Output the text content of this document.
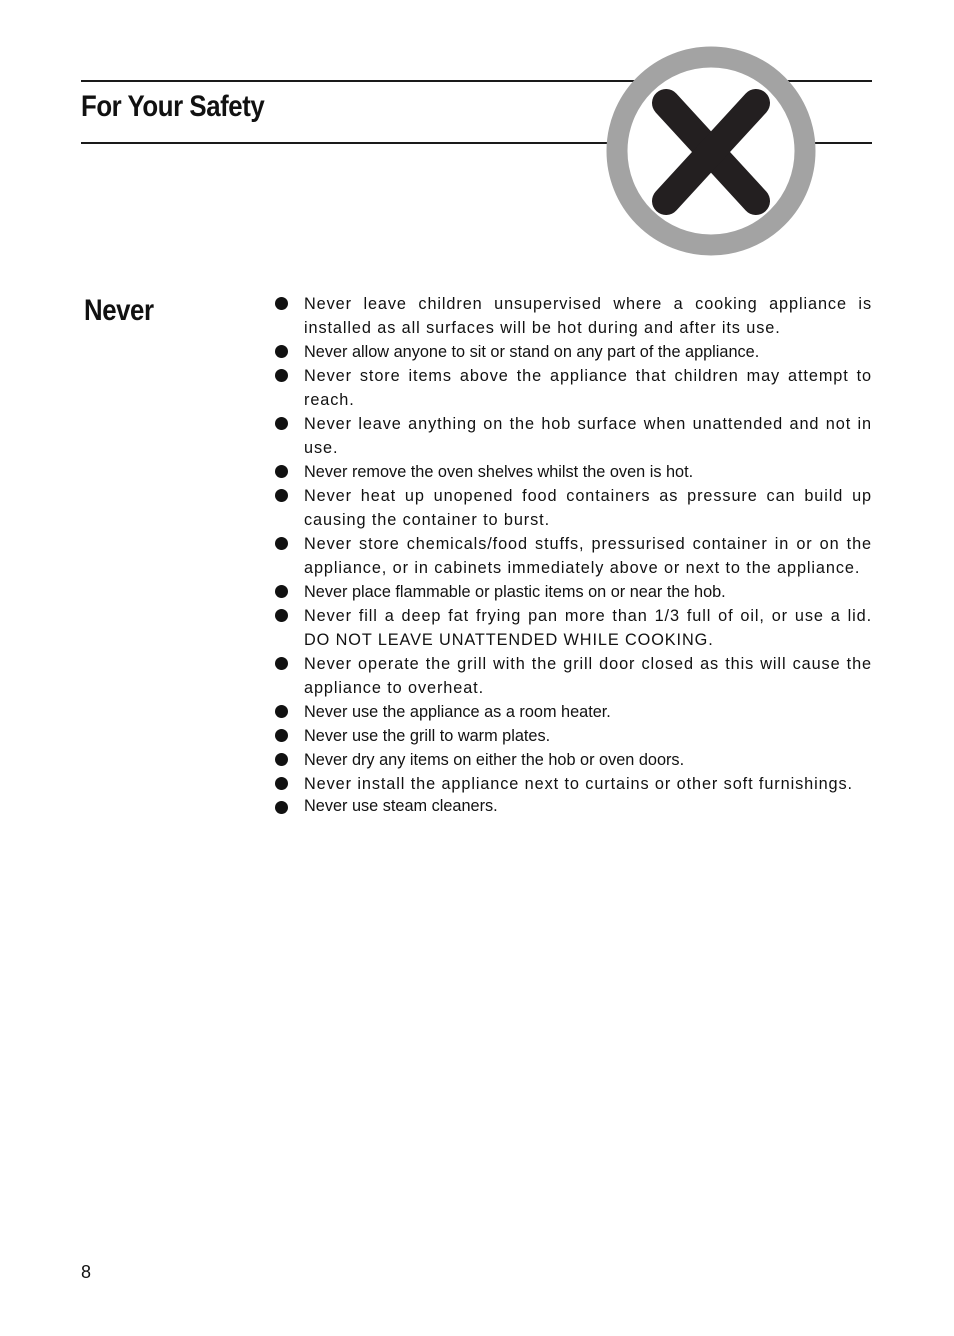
For Your Safety
Never	Never leave children unsupervised where a cooking appliance is installed as all surfaces will be hot during and after its use.
Never allow anyone to sit or stand on any part of the appliance.
Never store items above the appliance that children may attempt to reach.
Never leave anything on the hob surface when unattended and not in use.
Never remove the oven shelves whilst the oven is hot.
Never heat up unopened food containers as pressure can build up causing the container to burst.
Never store chemicals/food stuffs, pressurised container in or on the appliance, or in cabinets immediately above or next to the appliance.
Never place flammable or plastic items on or near the hob.
Never fill a deep fat frying pan more than 1/3 full of oil, or use a lid. DO NOT LEAVE UNATTENDED WHILE COOKING.
Never operate the grill with the grill door closed as this will cause the appliance to overheat.
Never use the appliance as a room heater.
Never use the grill to warm plates.
Never dry any items on either the hob or oven doors.
Never install the appliance next to curtains or other soft furnishings.
Never use steam cleaners.
8
